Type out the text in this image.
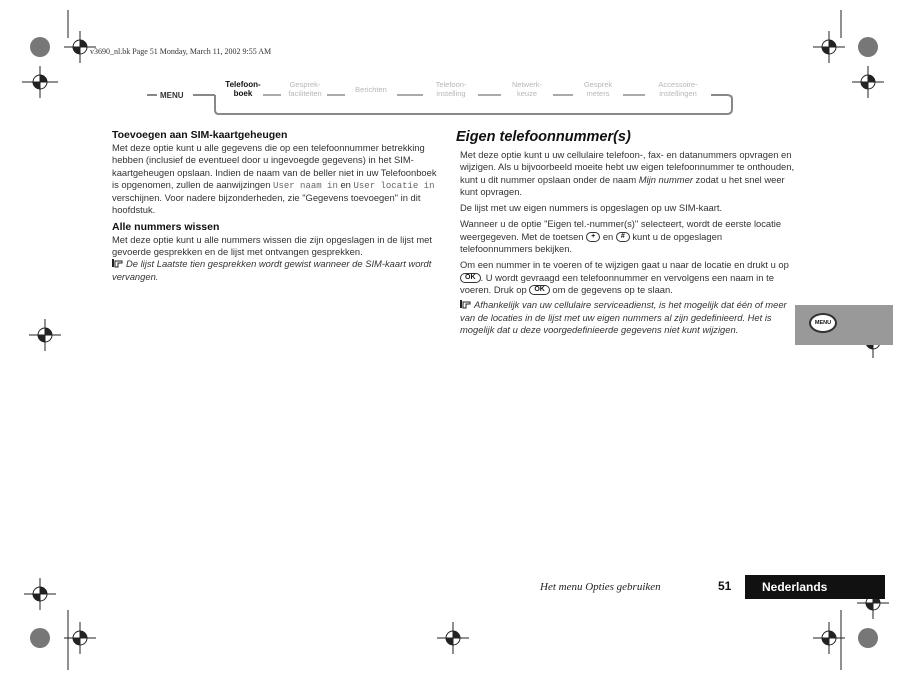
v3690_nl.bk Page 51 Monday, March 11, 2002 9:55 AM
MENU
Telefoon-
boek
Gesprek-
faciliteiten	Berichten
Telefoon-
instelling
Netwerk-
keuze
Gesprek
meters
Accessoire-
instellingen
Toevoegen aan SIM-kaartgeheugen

Met deze optie kunt u alle gegevens die op een telefoonnummer betrekking hebben (inclusief de eventueel door u ingevoegde gegevens) in het SIM-kaartgeheugen opslaan. Indien de naam van de beller niet in uw Telefoonboek is opgenomen, zullen de aanwijzingen User naam in en User locatie in verschijnen. Voor nadere bijzonderheden, zie "Gegevens toevoegen" in dit hoofdstuk.

Alle nummers wissen

Met deze optie kunt u alle nummers wissen die zijn opgeslagen in de lijst met gevoerde gesprekken en de lijst met ontvangen gesprekken.

De lijst Laatste tien gesprekken wordt gewist wanneer de SIM-kaart wordt vervangen.

Eigen telefoonnummer(s)

Met deze optie kunt u uw cellulaire telefoon-, fax- en datanummers opvragen en wijzigen. Als u bijvoorbeeld moeite hebt uw eigen telefoonnummer te onthouden, kunt u dit nummer opslaan onder de naam Mijn nummer zodat u het snel weer kunt opvragen.

De lijst met uw eigen nummers is opgeslagen op uw SIM-kaart.

Wanneer u de optie "Eigen tel.-nummer(s)" selecteert, wordt de eerste locatie weergegeven. Met de toetsen + en # kunt u de opgeslagen telefoonnummers bekijken.

Om een nummer in te voeren of te wijzigen gaat u naar de locatie en drukt u op OK . U wordt gevraagd een telefoonnummer en vervolgens een naam in te voeren. Druk op OK om de gegevens op te slaan.

Afhankelijk van uw cellulaire serviceadienst, is het mogelijk dat één of meer van de locaties in de lijst met uw eigen nummers al zijn gedefinieerd. Het is mogelijk dat u deze voorgedefinieerde gegevens niet kunt wijzigen.

MENU
Het menu Opties gebruiken	51	Nederlands
